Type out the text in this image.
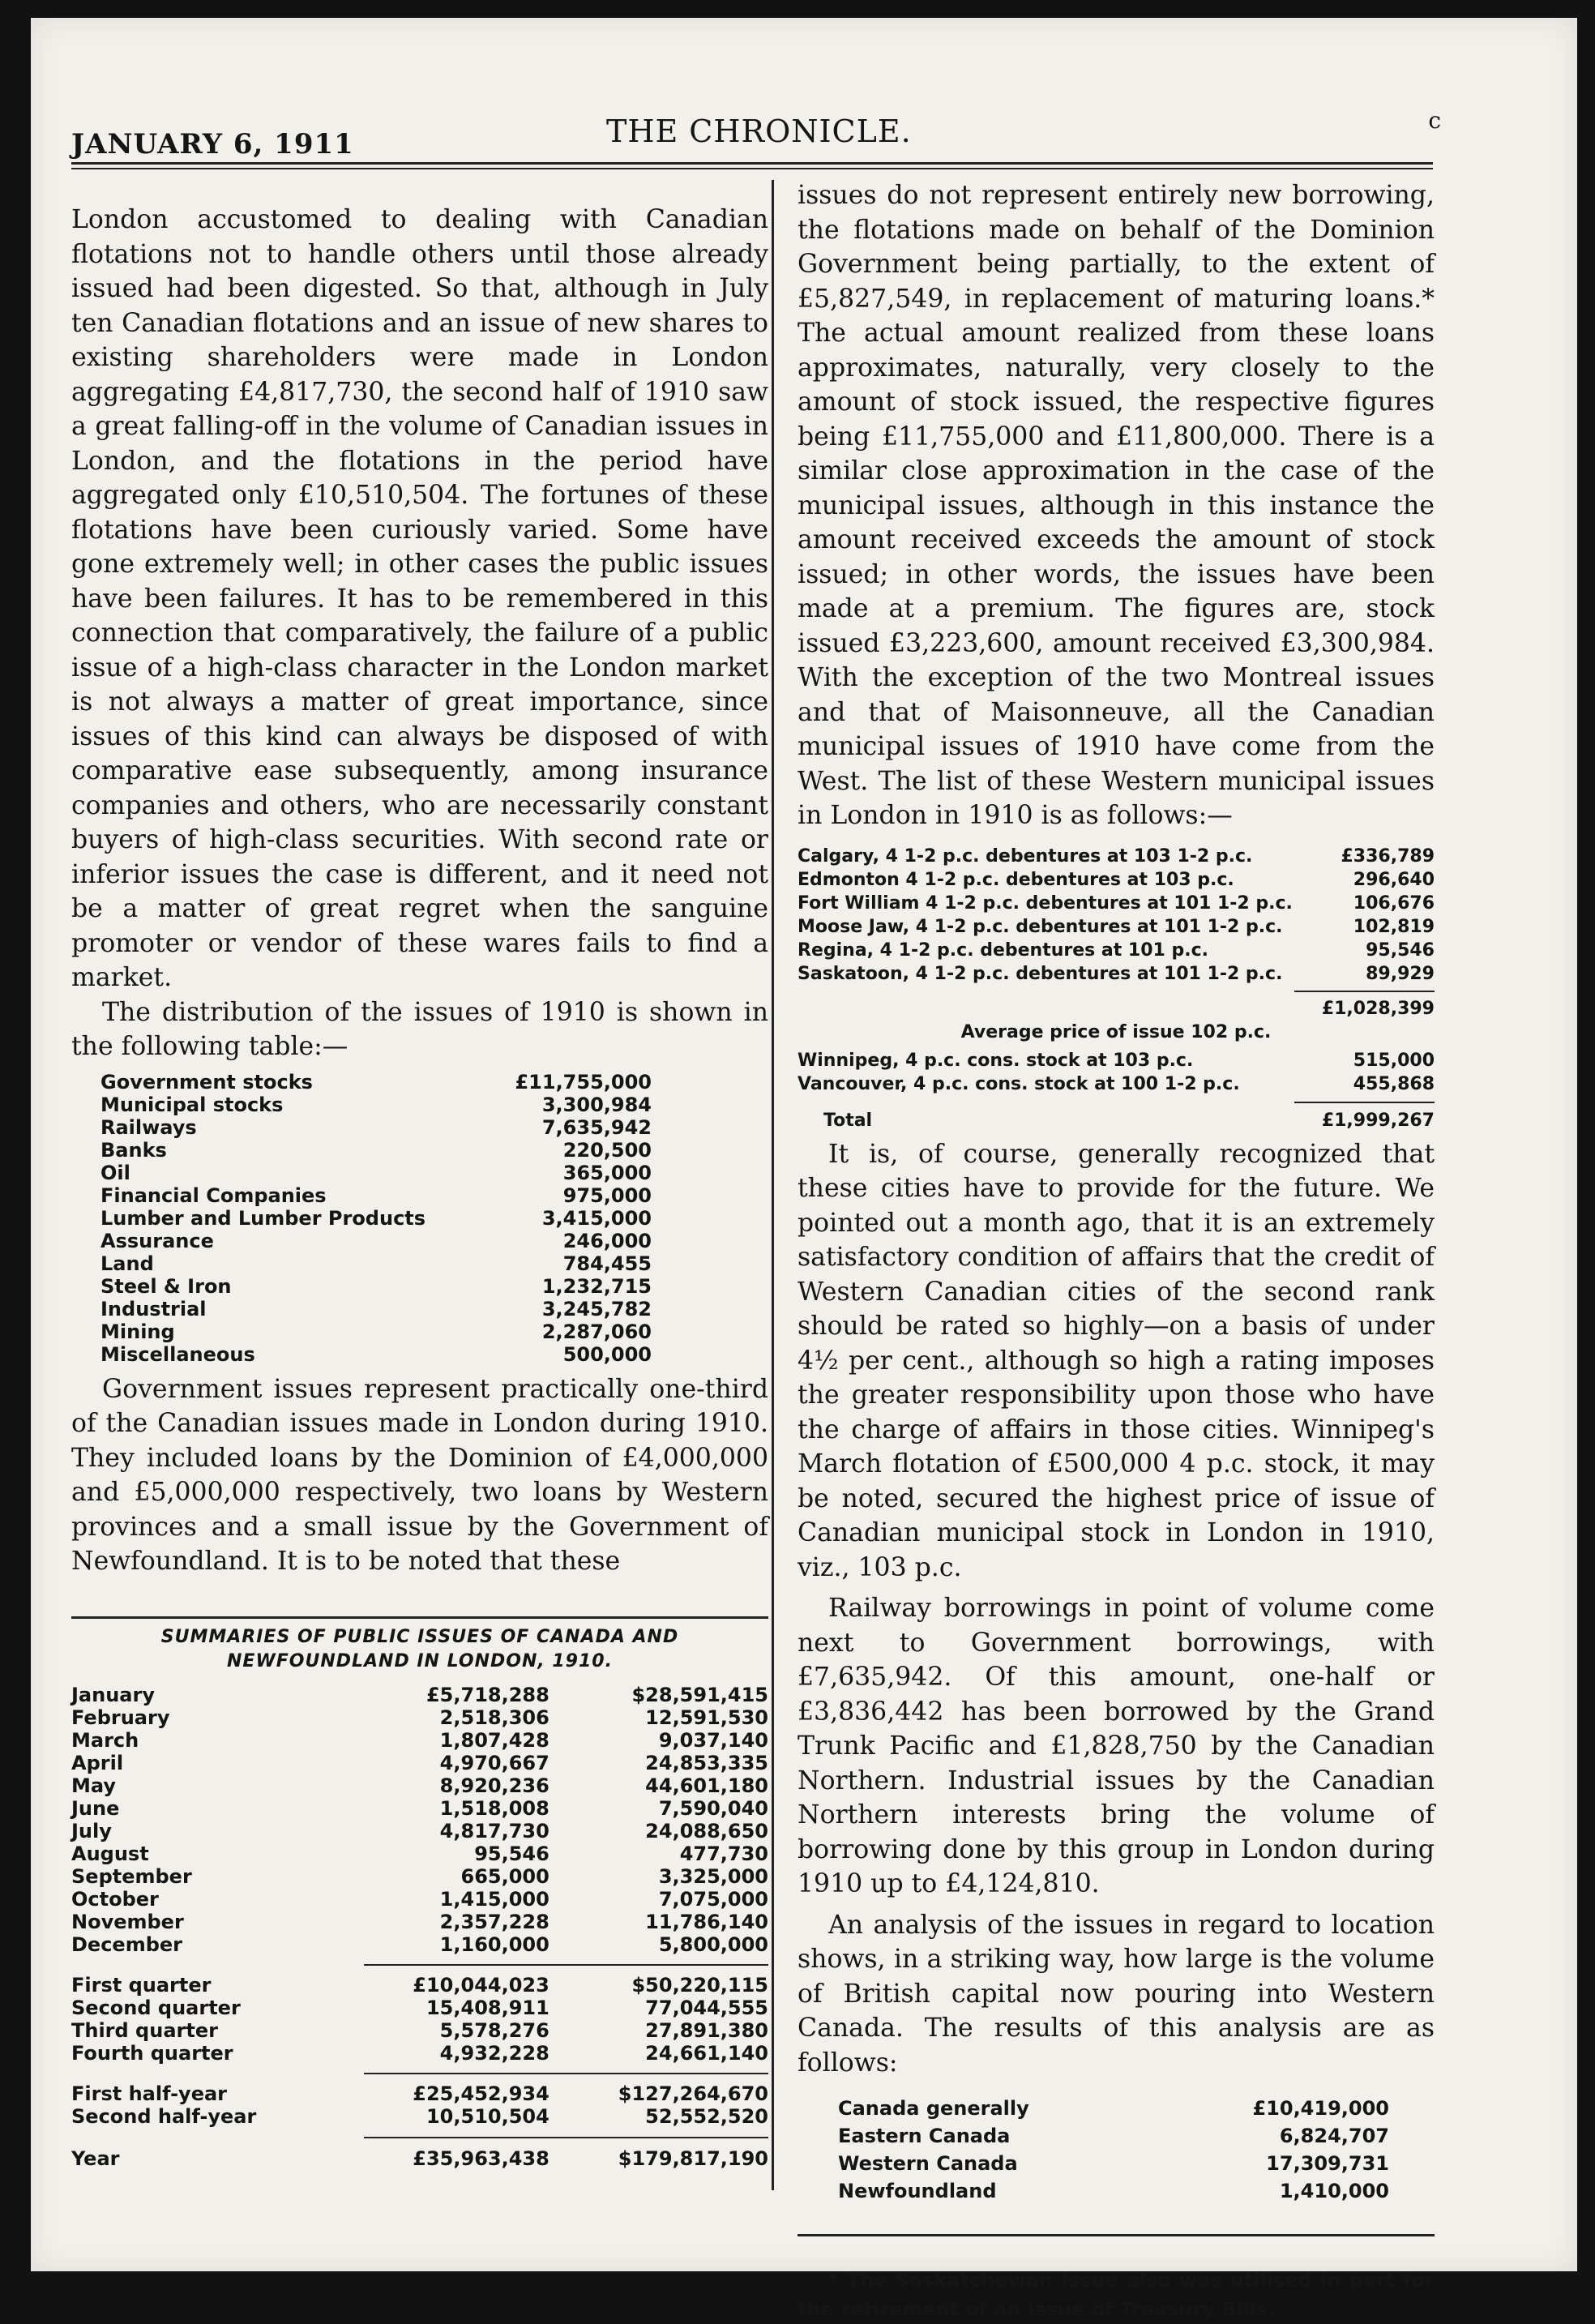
JANUARY 6, 1911	THE CHRONICLE.	c

London accustomed to dealing with Canadian flotations not to handle others until those already issued had been digested. So that, although in July ten Canadian flotations and an issue of new shares to existing shareholders were made in London aggregating £4,817,730, the second half of 1910 saw a great falling-off in the volume of Canadian issues in London, and the flotations in the period have aggregated only £10,510,504. The fortunes of these flotations have been curiously varied. Some have gone extremely well; in other cases the public issues have been failures. It has to be remembered in this connection that comparatively, the failure of a public issue of a high-class character in the London market is not always a matter of great importance, since issues of this kind can always be disposed of with comparative ease subsequently, among insurance companies and others, who are necessarily constant buyers of high-class securities. With second rate or inferior issues the case is different, and it need not be a matter of great regret when the sanguine promoter or vendor of these wares fails to find a market.

The distribution of the issues of 1910 is shown in the following table:—

Government stocks	£11,755,000
Municipal stocks	3,300,984
Railways	7,635,942
Banks	220,500
Oil	365,000
Financial Companies	975,000
Lumber and Lumber Products	3,415,000
Assurance	246,000
Land	784,455
Steel & Iron	1,232,715
Industrial	3,245,782
Mining	2,287,060
Miscellaneous	500,000

Government issues represent practically one-third of the Canadian issues made in London during 1910. They included loans by the Dominion of £4,000,000 and £5,000,000 respectively, two loans by Western provinces and a small issue by the Government of Newfoundland. It is to be noted that these

SUMMARIES OF PUBLIC ISSUES OF CANADA AND
NEWFOUNDLAND IN LONDON, 1910.
January	£5,718,288	$28,591,415
February	2,518,306	12,591,530
March	1,807,428	9,037,140
April	4,970,667	24,853,335
May	8,920,236	44,601,180
June	1,518,008	7,590,040
July	4,817,730	24,088,650
August	95,546	477,730
September	665,000	3,325,000
October	1,415,000	7,075,000
November	2,357,228	11,786,140
December	1,160,000	5,800,000

First quarter	£10,044,023	$50,220,115
Second quarter	15,408,911	77,044,555
Third quarter	5,578,276	27,891,380
Fourth quarter	4,932,228	24,661,140

First half-year	£25,452,934	$127,264,670
Second half-year	10,510,504	52,552,520

Year	£35,963,438	$179,817,190

issues do not represent entirely new borrowing, the flotations made on behalf of the Dominion Government being partially, to the extent of £5,827,549, in replacement of maturing loans.* The actual amount realized from these loans approximates, naturally, very closely to the amount of stock issued, the respective figures being £11,755,000 and £11,800,000. There is a similar close approximation in the case of the municipal issues, although in this instance the amount received exceeds the amount of stock issued; in other words, the issues have been made at a premium. The figures are, stock issued £3,223,600, amount received £3,300,984. With the exception of the two Montreal issues and that of Maisonneuve, all the Canadian municipal issues of 1910 have come from the West. The list of these Western municipal issues in London in 1910 is as follows:—

Calgary, 4 1-2 p.c. debentures at 103 1-2 p.c.	£336,789
Edmonton 4 1-2 p.c. debentures at 103 p.c.	296,640
Fort William 4 1-2 p.c. debentures at 101 1-2 p.c.	106,676
Moose Jaw, 4 1-2 p.c. debentures at 101 1-2 p.c.	102,819
Regina, 4 1-2 p.c. debentures at 101 p.c.	95,546
Saskatoon, 4 1-2 p.c. debentures at 101 1-2 p.c.	89,929

	£1,028,399
Average price of issue 102 p.c.	
Winnipeg, 4 p.c. cons. stock at 103 p.c.	515,000
Vancouver, 4 p.c. cons. stock at 100 1-2 p.c.	455,868

Total	£1,999,267

It is, of course, generally recognized that these cities have to provide for the future. We pointed out a month ago, that it is an extremely satisfactory condition of affairs that the credit of Western Canadian cities of the second rank should be rated so highly—on a basis of under 4½ per cent., although so high a rating imposes the greater responsibility upon those who have the charge of affairs in those cities. Winnipeg's March flotation of £500,000 4 p.c. stock, it may be noted, secured the highest price of issue of Canadian municipal stock in London in 1910, viz., 103 p.c.

Railway borrowings in point of volume come next to Government borrowings, with £7,635,942. Of this amount, one-half or £3,836,442 has been borrowed by the Grand Trunk Pacific and £1,828,750 by the Canadian Northern. Industrial issues by the Canadian Northern interests bring the volume of borrowing done by this group in London during 1910 up to £4,124,810.

An analysis of the issues in regard to location shows, in a striking way, how large is the volume of British capital now pouring into Western Canada. The results of this analysis are as follows:

Canada generally	£10,419,000
Eastern Canada	6,824,707
Western Canada	17,309,731
Newfoundland	1,410,000

* The Saskatchewan issue also was utilised in part for the retirement of an issue of Treasury Bills.
